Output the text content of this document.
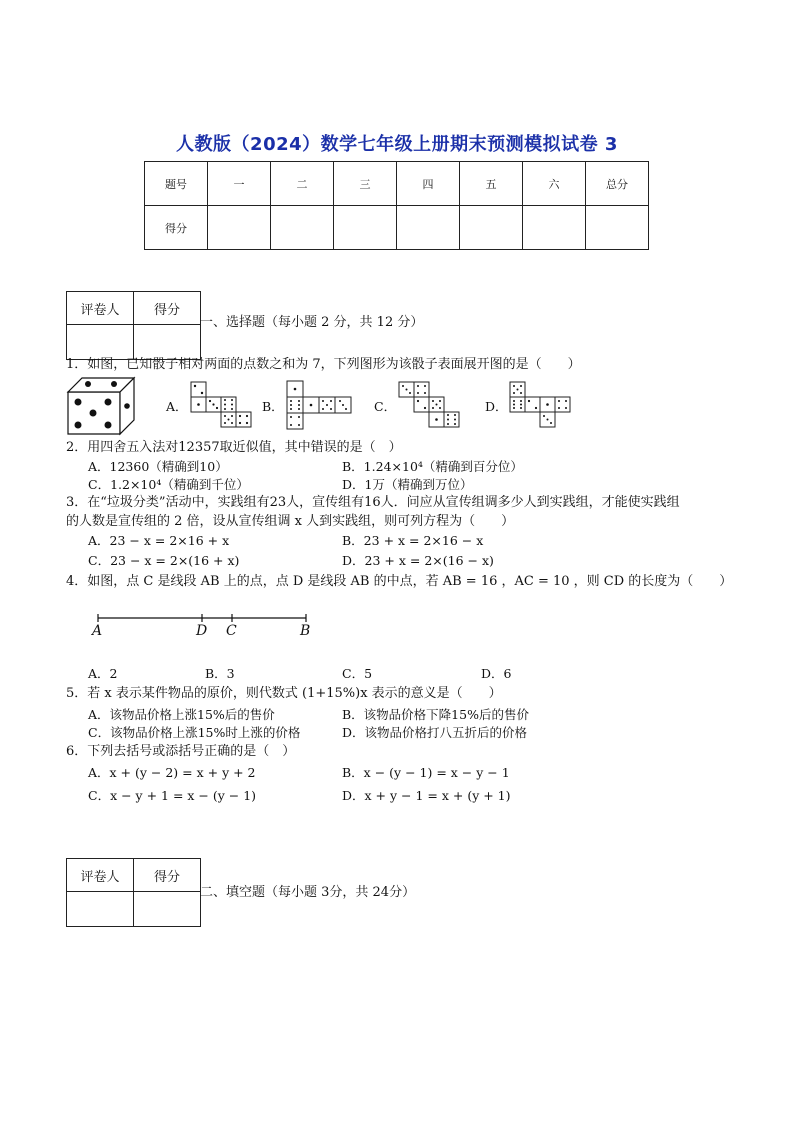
人教版（2024）数学七年级上册期末预测模拟试卷 3
题号	一	二	三	四	五	六	总分
得分							
评卷人	得分

一、选择题（每小题 2 分，共 12 分）
1．如图，已知骰子相对两面的点数之和为 7，下列图形为该骰子表面展开图的是（　　）
A．	B．	C．	D．
2．用四舍五入法对12357取近似值，其中错误的是（　）
A．12360（精确到10）	B．1.24×10⁴（精确到百分位）
C．1.2×10⁴（精确到千位）	D．1万（精确到万位）
3．在“垃圾分类”活动中，实践组有23人，宣传组有16人．问应从宣传组调多少人到实践组，才能使实践组
的人数是宣传组的 2 倍，设从宣传组调 x 人到实践组，则可列方程为（　　）
A．23 − x = 2×16 + x	B．23 + x = 2×16 − x
C．23 − x = 2×(16 + x)	D．23 + x = 2×(16 − x)
4．如图，点 C 是线段 AB 上的点，点 D 是线段 AB 的中点，若 AB = 16 ，AC = 10 ，则 CD 的长度为（　　）
A	D C	B
A．2	B．3	C．5	D．6
5．若 x 表示某件物品的原价，则代数式 (1+15%)x 表示的意义是（　　）
A．该物品价格上涨15%后的售价	B．该物品价格下降15%后的售价
C．该物品价格上涨15%时上涨的价格	D．该物品价格打八五折后的价格
6．下列去括号或添括号正确的是（　）
A．x + (y − 2) = x + y + 2	B．x − (y − 1) = x − y − 1
C．x − y + 1 = x − (y − 1)	D．x + y − 1 = x + (y + 1)
评卷人	得分

二、填空题（每小题 3分，共 24分）
